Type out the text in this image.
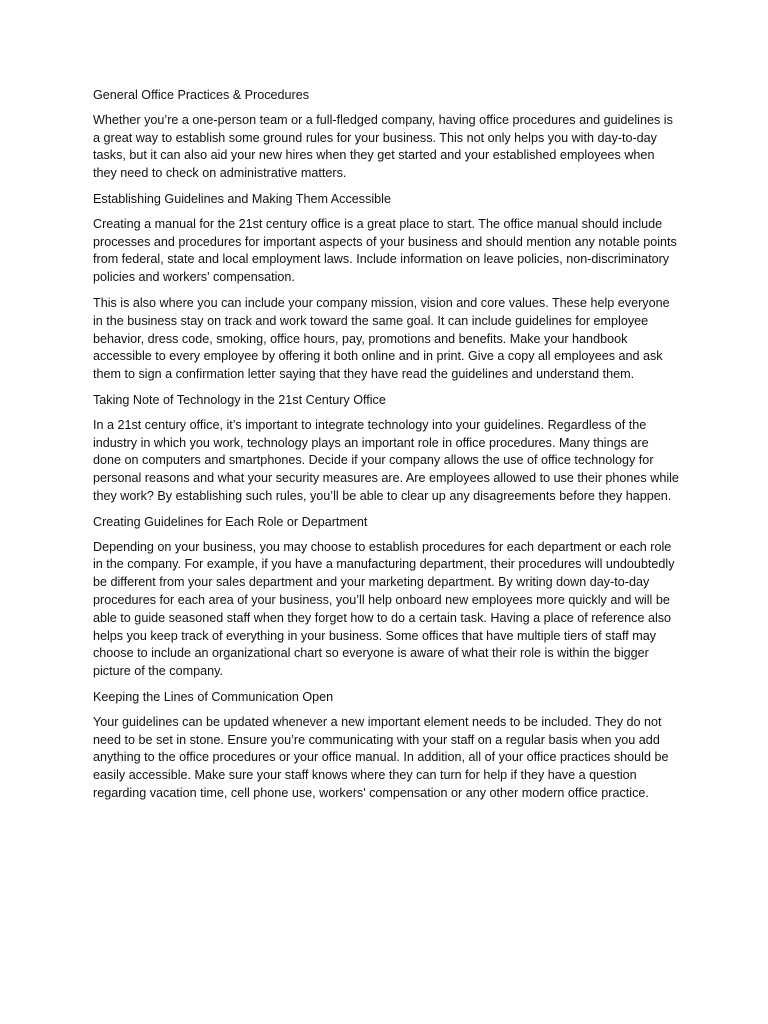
General Office Practices & Procedures

Whether you’re a one-person team or a full-fledged company, having office procedures and guidelines is a great way to establish some ground rules for your business. This not only helps you with day-to-day tasks, but it can also aid your new hires when they get started and your established employees when they need to check on administrative matters.

Establishing Guidelines and Making Them Accessible

Creating a manual for the 21st century office is a great place to start. The office manual should include processes and procedures for important aspects of your business and should mention any notable points from federal, state and local employment laws. Include information on leave policies, non-discriminatory policies and workers' compensation.

This is also where you can include your company mission, vision and core values. These help everyone in the business stay on track and work toward the same goal. It can include guidelines for employee behavior, dress code, smoking, office hours, pay, promotions and benefits. Make your handbook accessible to every employee by offering it both online and in print. Give a copy all employees and ask them to sign a confirmation letter saying that they have read the guidelines and understand them.

Taking Note of Technology in the 21st Century Office

In a 21st century office, it’s important to integrate technology into your guidelines. Regardless of the industry in which you work, technology plays an important role in office procedures. Many things are done on computers and smartphones. Decide if your company allows the use of office technology for personal reasons and what your security measures are. Are employees allowed to use their phones while they work? By establishing such rules, you’ll be able to clear up any disagreements before they happen.

Creating Guidelines for Each Role or Department

Depending on your business, you may choose to establish procedures for each department or each role in the company. For example, if you have a manufacturing department, their procedures will undoubtedly be different from your sales department and your marketing department. By writing down day-to-day procedures for each area of your business, you’ll help onboard new employees more quickly and will be able to guide seasoned staff when they forget how to do a certain task. Having a place of reference also helps you keep track of everything in your business. Some offices that have multiple tiers of staff may choose to include an organizational chart so everyone is aware of what their role is within the bigger picture of the company.

Keeping the Lines of Communication Open

Your guidelines can be updated whenever a new important element needs to be included. They do not need to be set in stone. Ensure you’re communicating with your staff on a regular basis when you add anything to the office procedures or your office manual. In addition, all of your office practices should be easily accessible. Make sure your staff knows where they can turn for help if they have a question regarding vacation time, cell phone use, workers' compensation or any other modern office practice.
